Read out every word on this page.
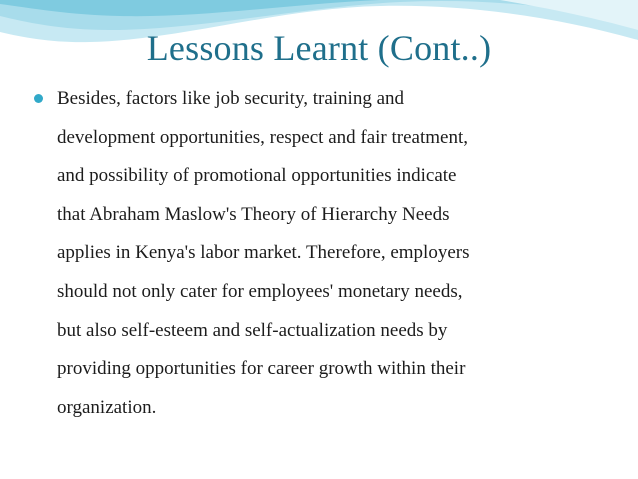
Lessons Learnt (Cont..)
Besides, factors like job security, training and
development opportunities, respect and fair treatment,
and possibility of promotional opportunities indicate
that Abraham Maslow's Theory of Hierarchy Needs
applies in Kenya's labor market. Therefore, employers
should not only cater for employees' monetary needs,
but also self-esteem and self-actualization needs by
providing opportunities for career growth within their
organization.
